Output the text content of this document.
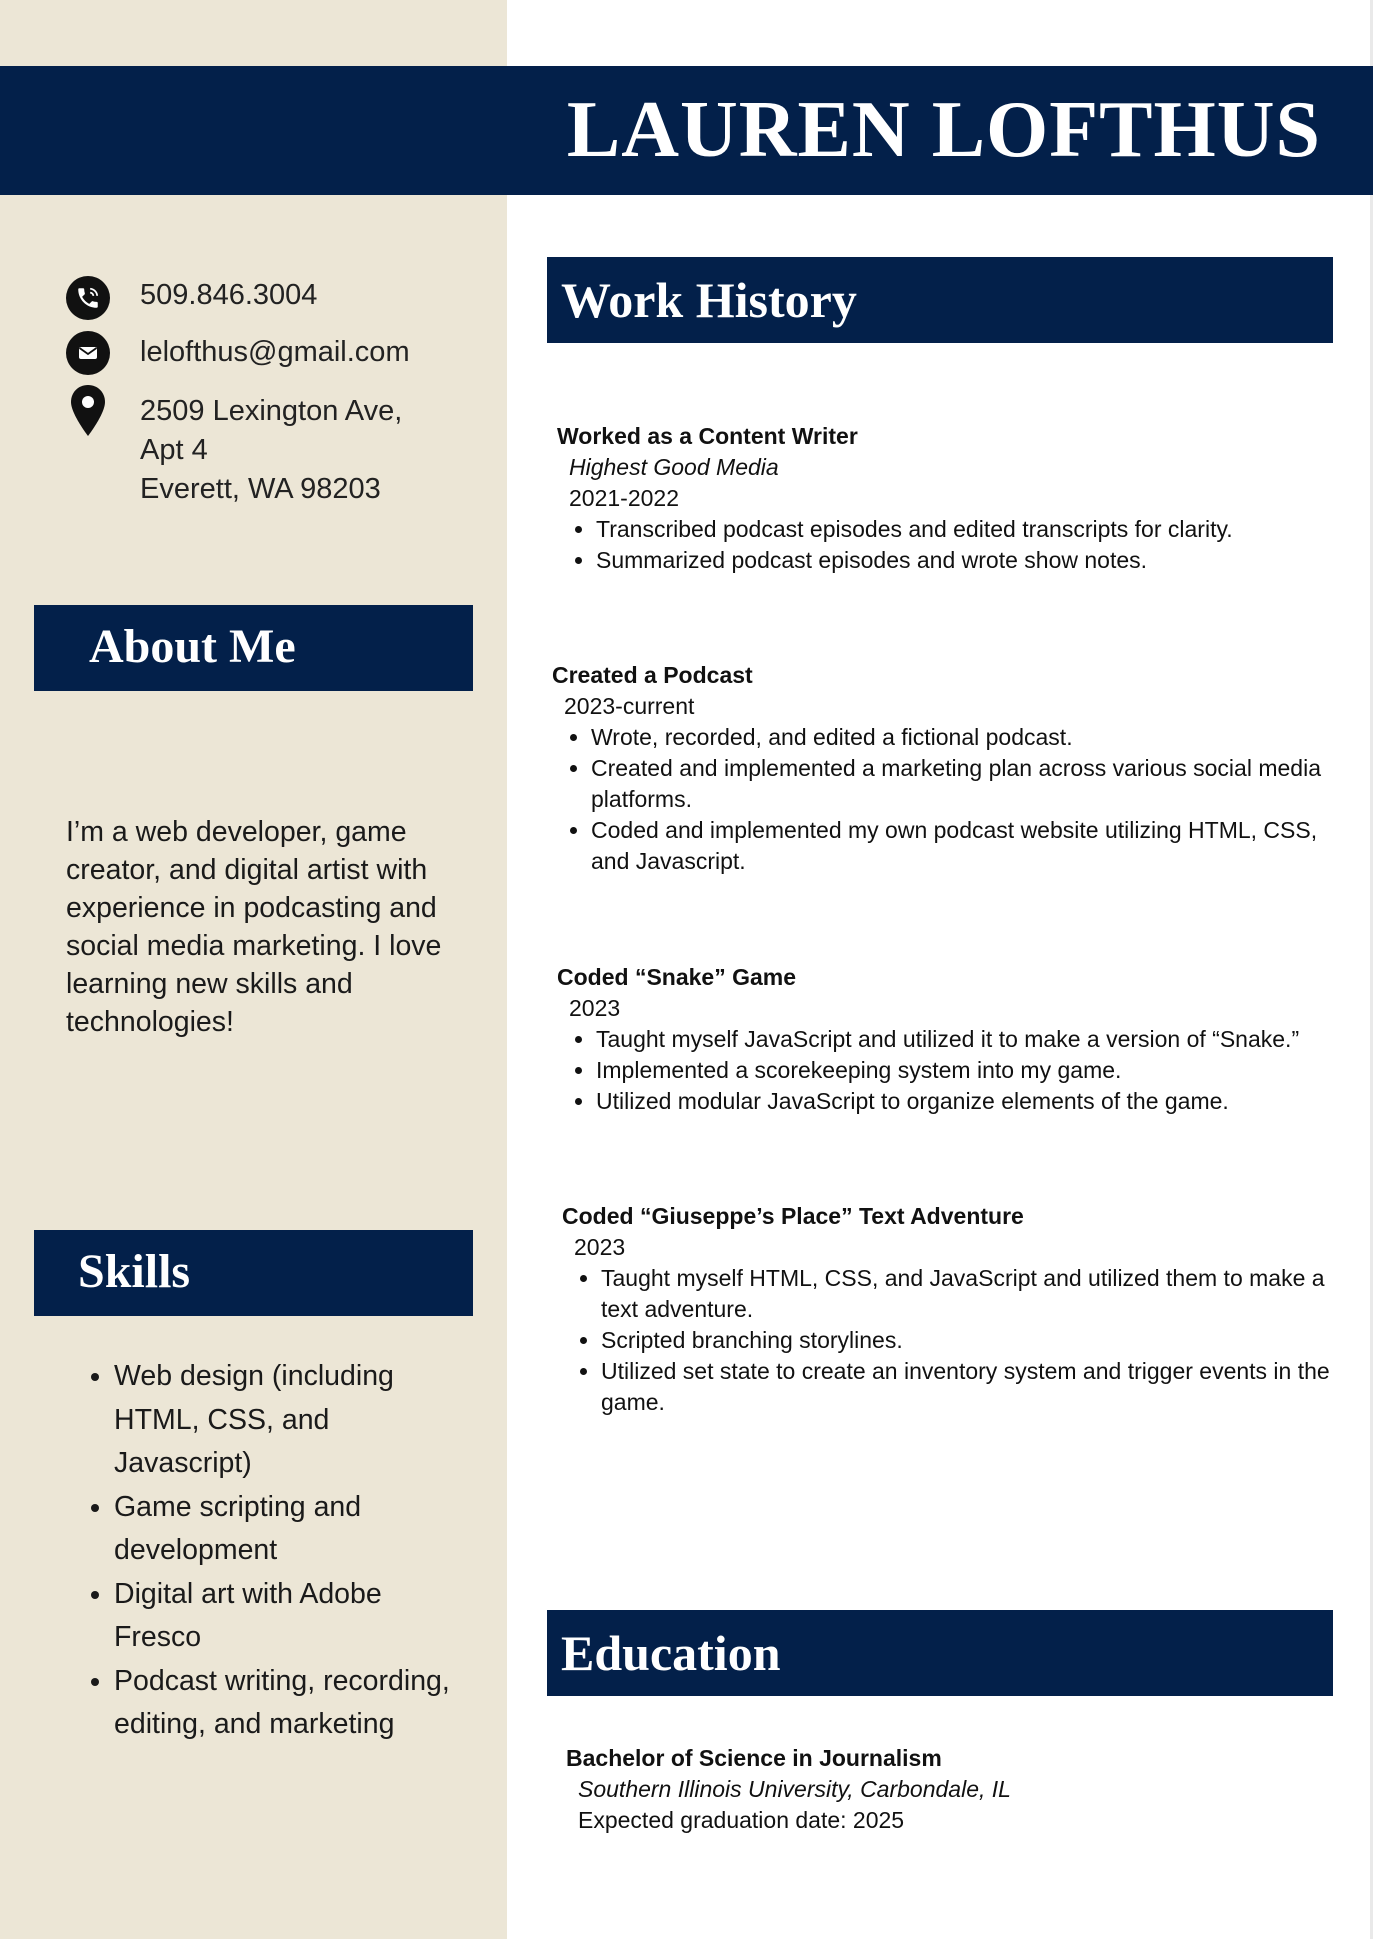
LAUREN LOFTHUS
509.846.3004
lelofthus@gmail.com
2509 Lexington Ave,
Apt 4
Everett, WA 98203
About Me

I’m a web developer, game creator, and digital artist with experience in podcasting and social media marketing. I love learning new skills and technologies!

Skills
• Web design (including HTML, CSS, and Javascript)
• Game scripting and development
• Digital art with Adobe Fresco
• Podcast writing, recording, editing, and marketing
Work History

Worked as a Content Writer

Highest Good Media

2021-2022

• Transcribed podcast episodes and edited transcripts for clarity.
• Summarized podcast episodes and wrote show notes.

Created a Podcast

2023-current

• Wrote, recorded, and edited a fictional podcast.
• Created and implemented a marketing plan across various social media platforms.
• Coded and implemented my own podcast website utilizing HTML, CSS, and Javascript.

Coded “Snake” Game

2023

• Taught myself JavaScript and utilized it to make a version of “Snake.”
• Implemented a scorekeeping system into my game.
• Utilized modular JavaScript to organize elements of the game.

Coded “Giuseppe’s Place” Text Adventure

2023

• Taught myself HTML, CSS, and JavaScript and utilized them to make a text adventure.
• Scripted branching storylines.
• Utilized set state to create an inventory system and trigger events in the game.
Education

Bachelor of Science in Journalism

Southern Illinois University, Carbondale, IL

Expected graduation date: 2025
